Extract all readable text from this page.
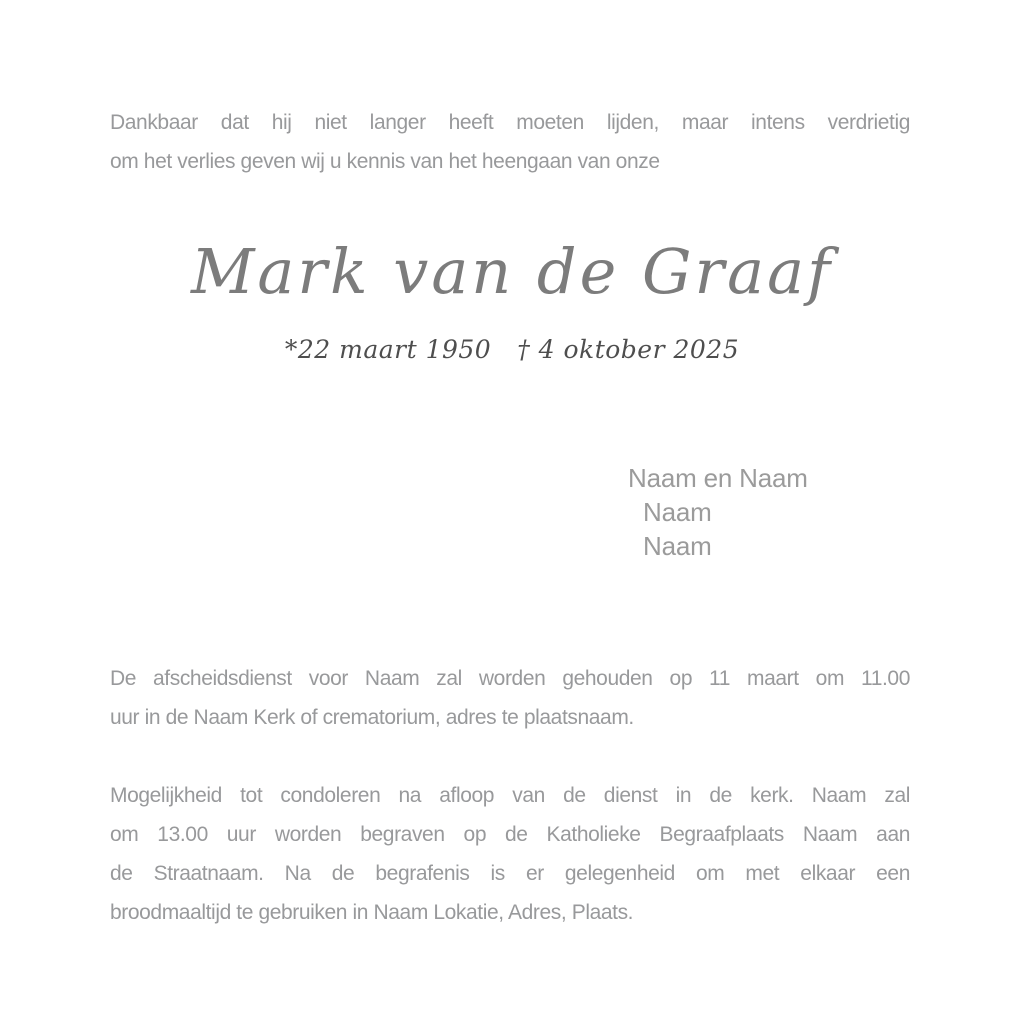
Dankbaar dat hij niet langer heeft moeten lijden, maar intens verdrietig
om het verlies geven wij u kennis van het heengaan van onze
Mark van de Graaf
*22 maart 1950 † 4 oktober 2025
Naam en Naam
Naam
Naam
De afscheidsdienst voor Naam zal worden gehouden op 11 maart om 11.00
uur in de Naam Kerk of crematorium, adres te plaatsnaam.
Mogelijkheid tot condoleren na afloop van de dienst in de kerk. Naam zal
om 13.00 uur worden begraven op de Katholieke Begraafplaats Naam aan
de Straatnaam. Na de begrafenis is er gelegenheid om met elkaar een
broodmaaltijd te gebruiken in Naam Lokatie, Adres, Plaats.
